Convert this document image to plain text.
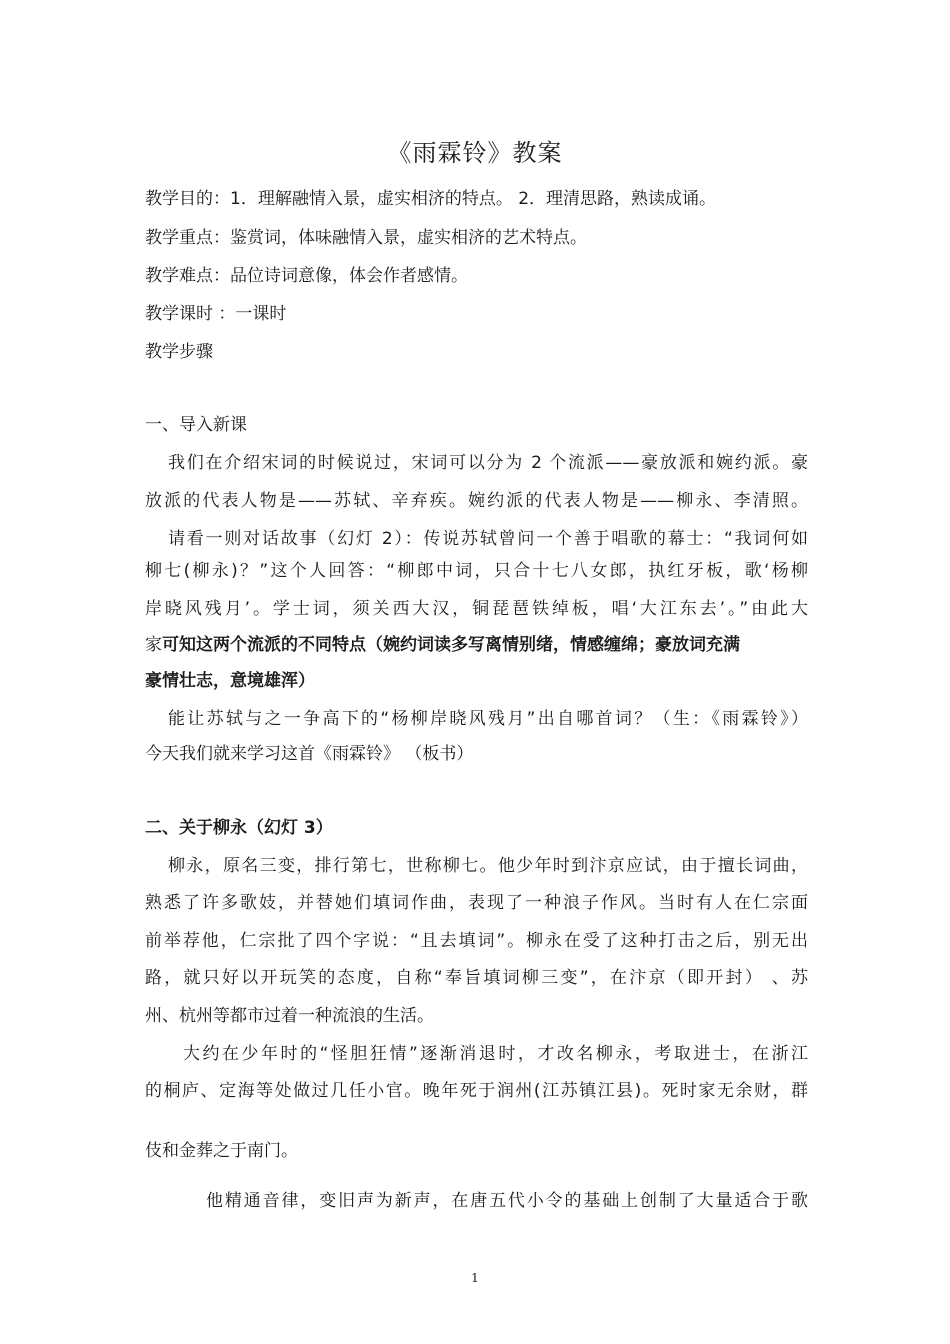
《雨霖铃》教案
教学目的：1．理解融情入景，虚实相济的特点。 2．理清思路，熟读成诵。
教学重点：鉴赏词，体味融情入景，虚实相济的艺术特点。
教学难点：品位诗词意像，体会作者感情。
教学课时 ：一课时
教学步骤
一、导入新课
我们在介绍宋词的时候说过，宋词可以分为 2 个流派——豪放派和婉约派。豪
放派的代表人物是——苏轼、辛弃疾。婉约派的代表人物是——柳永、李清照。
请看一则对话故事（幻灯 2）：传说苏轼曾问一个善于唱歌的幕士：“我词何如
柳七(柳永)？”这个人回答：“柳郎中词，只合十七八女郎，执红牙板，歌‘杨柳
岸晓风残月’。学士词，须关西大汉，铜琵琶铁绰板，唱‘大江东去’。”由此大
家可知这两个流派的不同特点（婉约词读多写离情别绪，情感缠绵；豪放词充满
豪情壮志，意境雄浑）
能让苏轼与之一争高下的“杨柳岸晓风残月”出自哪首词？（生：《雨霖铃》）
今天我们就来学习这首《雨霖铃》 （板书）
二、关于柳永（幻灯 3）
柳永，原名三变，排行第七，世称柳七。他少年时到汴京应试，由于擅长词曲，
熟悉了许多歌妓，并替她们填词作曲，表现了一种浪子作风。当时有人在仁宗面
前举荐他，仁宗批了四个字说：“且去填词”。柳永在受了这种打击之后，别无出
路，就只好以开玩笑的态度，自称“奉旨填词柳三变”，在汴京（即开封） 、苏
州、杭州等都市过着一种流浪的生活。
大约在少年时的“怪胆狂情”逐渐消退时，才改名柳永，考取进士，在浙江
的桐庐、定海等处做过几任小官。晚年死于润州(江苏镇江县)。死时家无余财，群
伎和金葬之于南门。
他精通音律，变旧声为新声，在唐五代小令的基础上创制了大量适合于歌
1
